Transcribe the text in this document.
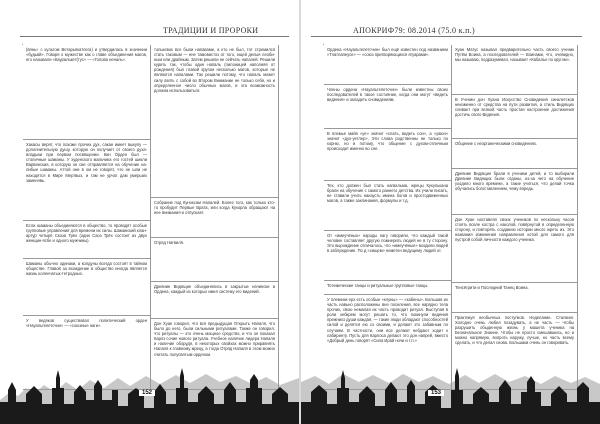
ТРАДИЦИИ И ПРОРОКИ
(вянь» с культом Ветарьякатлега) и утвердилась в значении «будьвй». Говоря о мужестве как о главе объединения магов, его называли «Кауралькет(тус» — «Голова неналь».
толькевок все были напавами, а кто не был, тот стремился стать таковым — ене тамовистоз от того, ещей делыя леоби-ным или драйным. Затем решили не сейчать напалей. Решили курить так, чтобы один напаль (пилоницей наполняя от рождения) был главой кругом несколько магов, которые не являются напалами. Так решили потому, что напаль может силу взять с собой во Втором Внимание не только себя, но и определенное число обычных магов, и эта возможность должна использоваться.
Хакасы верят, что похоже прочих дух, сакан имеет выкупу — дополнительную душу, которую он получает от своего духа-владыки при первом посвящении. Кин Орден был — столичные шаманы. У худенского мальчика его гостей шикли Варвинская, в которую он сие отправляется на обучение на-либые шаманы. Аттой они в ом не говорят, что не шли не находятся в Мире Мертвых, и там не урчат дам умерших заменявь.
Собрание под Куноксам Напалей. Более того, как только кто-то пробудит Первые Врата, или когда Кукорла обращают на нее внимания и отпускает.
Если шаманы объединяются в общество, то проводят особые групповые управления для времени их силы. Шаманский клан-артур четырё Скоза Трёх (один Саоз Трёх состоит из двух женщин-ясбе и одного мужчины).	Отряд Нагвиля.
Шаманы обычно одинаки, а колдуны всегда состоят в тайном обществе. Главой за вхождение в общество иногда является жизнь коленчатых-тетродных.
Древние Видящие объединялись в закрытые начински и Ордена, каждый из которых имел систему его видений.
У ведяков существовал политический орден «Науальтепетсчин» — «союзные наги».	Дон Хуан говорил, что вся предыдущая Открыть Напаля, что было до него, были сильными ритуалами. Также он говорил, что ритуалы — это очень мощное средство, и что он показал Карлз сочие нового ритуала. Учебное наличие лидера Напаля и наличие оборудя, в некоторых свойхах можно приравнять Напаля к главному жрецу, а тогда Отряд Напаля в этом можно считать полусвятым орденом.
152
АПОКРИФ79: 08.2014 (75.0 к.п.)
Ордена «Науальтепетсчин» был ещё известен под названием «Тлатлапеусе» — «союз притворяющихся ягуарами».
Хуан Матус называл предварительно часть своего ученик Путём Воина, а последователей — Воинами, что, очевидно, мы называю, подразумевал, называет «Кабалье по кругом».
Члены ордена «Науальтепетсчин» были известны своих последователей в такое состояние, когда они могут «видеть видения» и окладеть сновидениям.	В Учении дон Хуана Искусство Сновидения синклетсков неизменно от средства на пути развития, а стиль Видящих сливает при всякой часть простая настроение достижения достичь свого Видения.
В племье майя «уе» значит «спать, видеть сон», а «уаюн» значит «дух-уетлер». Эти слова родственны не только по корню, но и потому, что общение с духом-отличным происходит именно во сне.
Общение с неорганическими сновидениях.
Тех, кто должен был стать нагвальма, жрецы Кукулькана брали на обучение с самого раннего детства. Их учили писать, не ставили учить наизусть имена богов и простодвиженных магов, а также заклинания, формулы и т.д.
Древние Видящие брали в ученики детей, и то выбирали Древние Видящих были отданы, из-за чего на обучение уходило много времени, а такие учиться, что делай точка обучались богоставлением, чему впредь.
От «имеучёных» народы нагу говорили, что каждый такой человек составляет другую помнерить людей не в ту сторону. Это вырождение отличалось, что «имеучёные» входили людей в заблуждение. По д «хищем» неметен ведущему людей от.
Дон Хуан наставлял своих учеников по нескольку часов стоять возле костра с изколой, повёрнутой в определенную сторону, и повторять созданию истории много жреть из. Это названия изменения направления хотой для самого для пустрой собой личности каждого ученика.
Тотемические танцы и ритуальные групповые танцы.	Тенсёгрити и Последний Танец Воина.
У племени ерх есть особые «клуны» — «кабены». Большая их часть навьно расположены вне поселения, все нарядно тела прочих, свою немалая их часть проводит ритуал. Выступая в роли хебкрем могут решать то, что покинули видения прежнихз души каждая, — такие люди обладают способностей силой и делятся ею со своими, и делают это забавным по случаям. В частности, они все делают небдают ходит к лабиринту. Пусть для Карлоса делают это дон напрей, вместо «Добрый день говорят «Сила Ирай ночи и т.п.»
Практикуя необычных поступков. Неделание. Сталкинг. Холодно очень любил позадувать, а не часть — чтобы разрушить обыденную жизнь у машета ученика на Безначальное Знание. Чтобы не просто смешавшись, но и можно напрямую, вопроть наружу, лучше, но часть всему сделать, и что делал снова. Большаки очень он говоривать.
153
